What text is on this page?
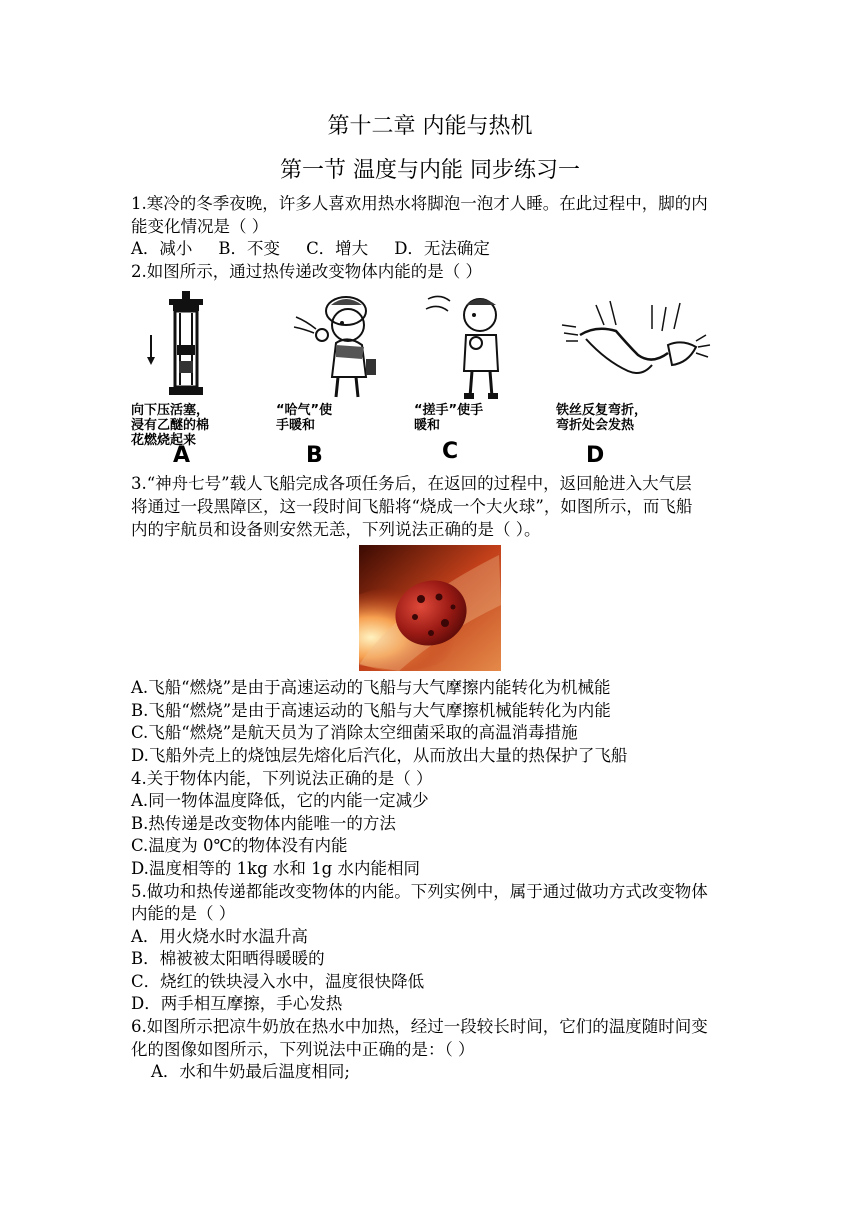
第十二章 内能与热机
第一节 温度与内能 同步练习一

1.寒冷的冬季夜晚，许多人喜欢用热水将脚泡一泡才人睡。在此过程中，脚的内

能变化情况是（ ）

A．减小 B．不变 C．增大 D．无法确定

2.如图所示，通过热传递改变物体内能的是（ ）

向下压活塞，
浸有乙醚的棉
花燃烧起来
A
“哈气”使
手暖和
B
“搓手”使手
暖和
C
铁丝反复弯折，
弯折处会发热
D

3.“神舟七号”载人飞船完成各项任务后，在返回的过程中，返回舱进入大气层

将通过一段黑障区，这一段时间飞船将“烧成一个大火球”，如图所示，而飞船

内的宇航员和设备则安然无恙，下列说法正确的是（ ）。

A.飞船“燃烧”是由于高速运动的飞船与大气摩擦内能转化为机械能

B.飞船“燃烧”是由于高速运动的飞船与大气摩擦机械能转化为内能

C.飞船“燃烧”是航天员为了消除太空细菌采取的高温消毒措施

D.飞船外壳上的烧蚀层先熔化后汽化，从而放出大量的热保护了飞船

4.关于物体内能，下列说法正确的是（ ）

A.同一物体温度降低，它的内能一定减少

B.热传递是改变物体内能唯一的方法

C.温度为 0℃的物体没有内能

D.温度相等的 1kg 水和 1g 水内能相同

5.做功和热传递都能改变物体的内能。下列实例中，属于通过做功方式改变物体

内能的是（ ）

A．用火烧水时水温升高

B．棉被被太阳晒得暖暖的

C．烧红的铁块浸入水中，温度很快降低

D．两手相互摩擦，手心发热

6.如图所示把凉牛奶放在热水中加热，经过一段较长时间，它们的温度随时间变

化的图像如图所示，下列说法中正确的是：（ ）

A．水和牛奶最后温度相同;
